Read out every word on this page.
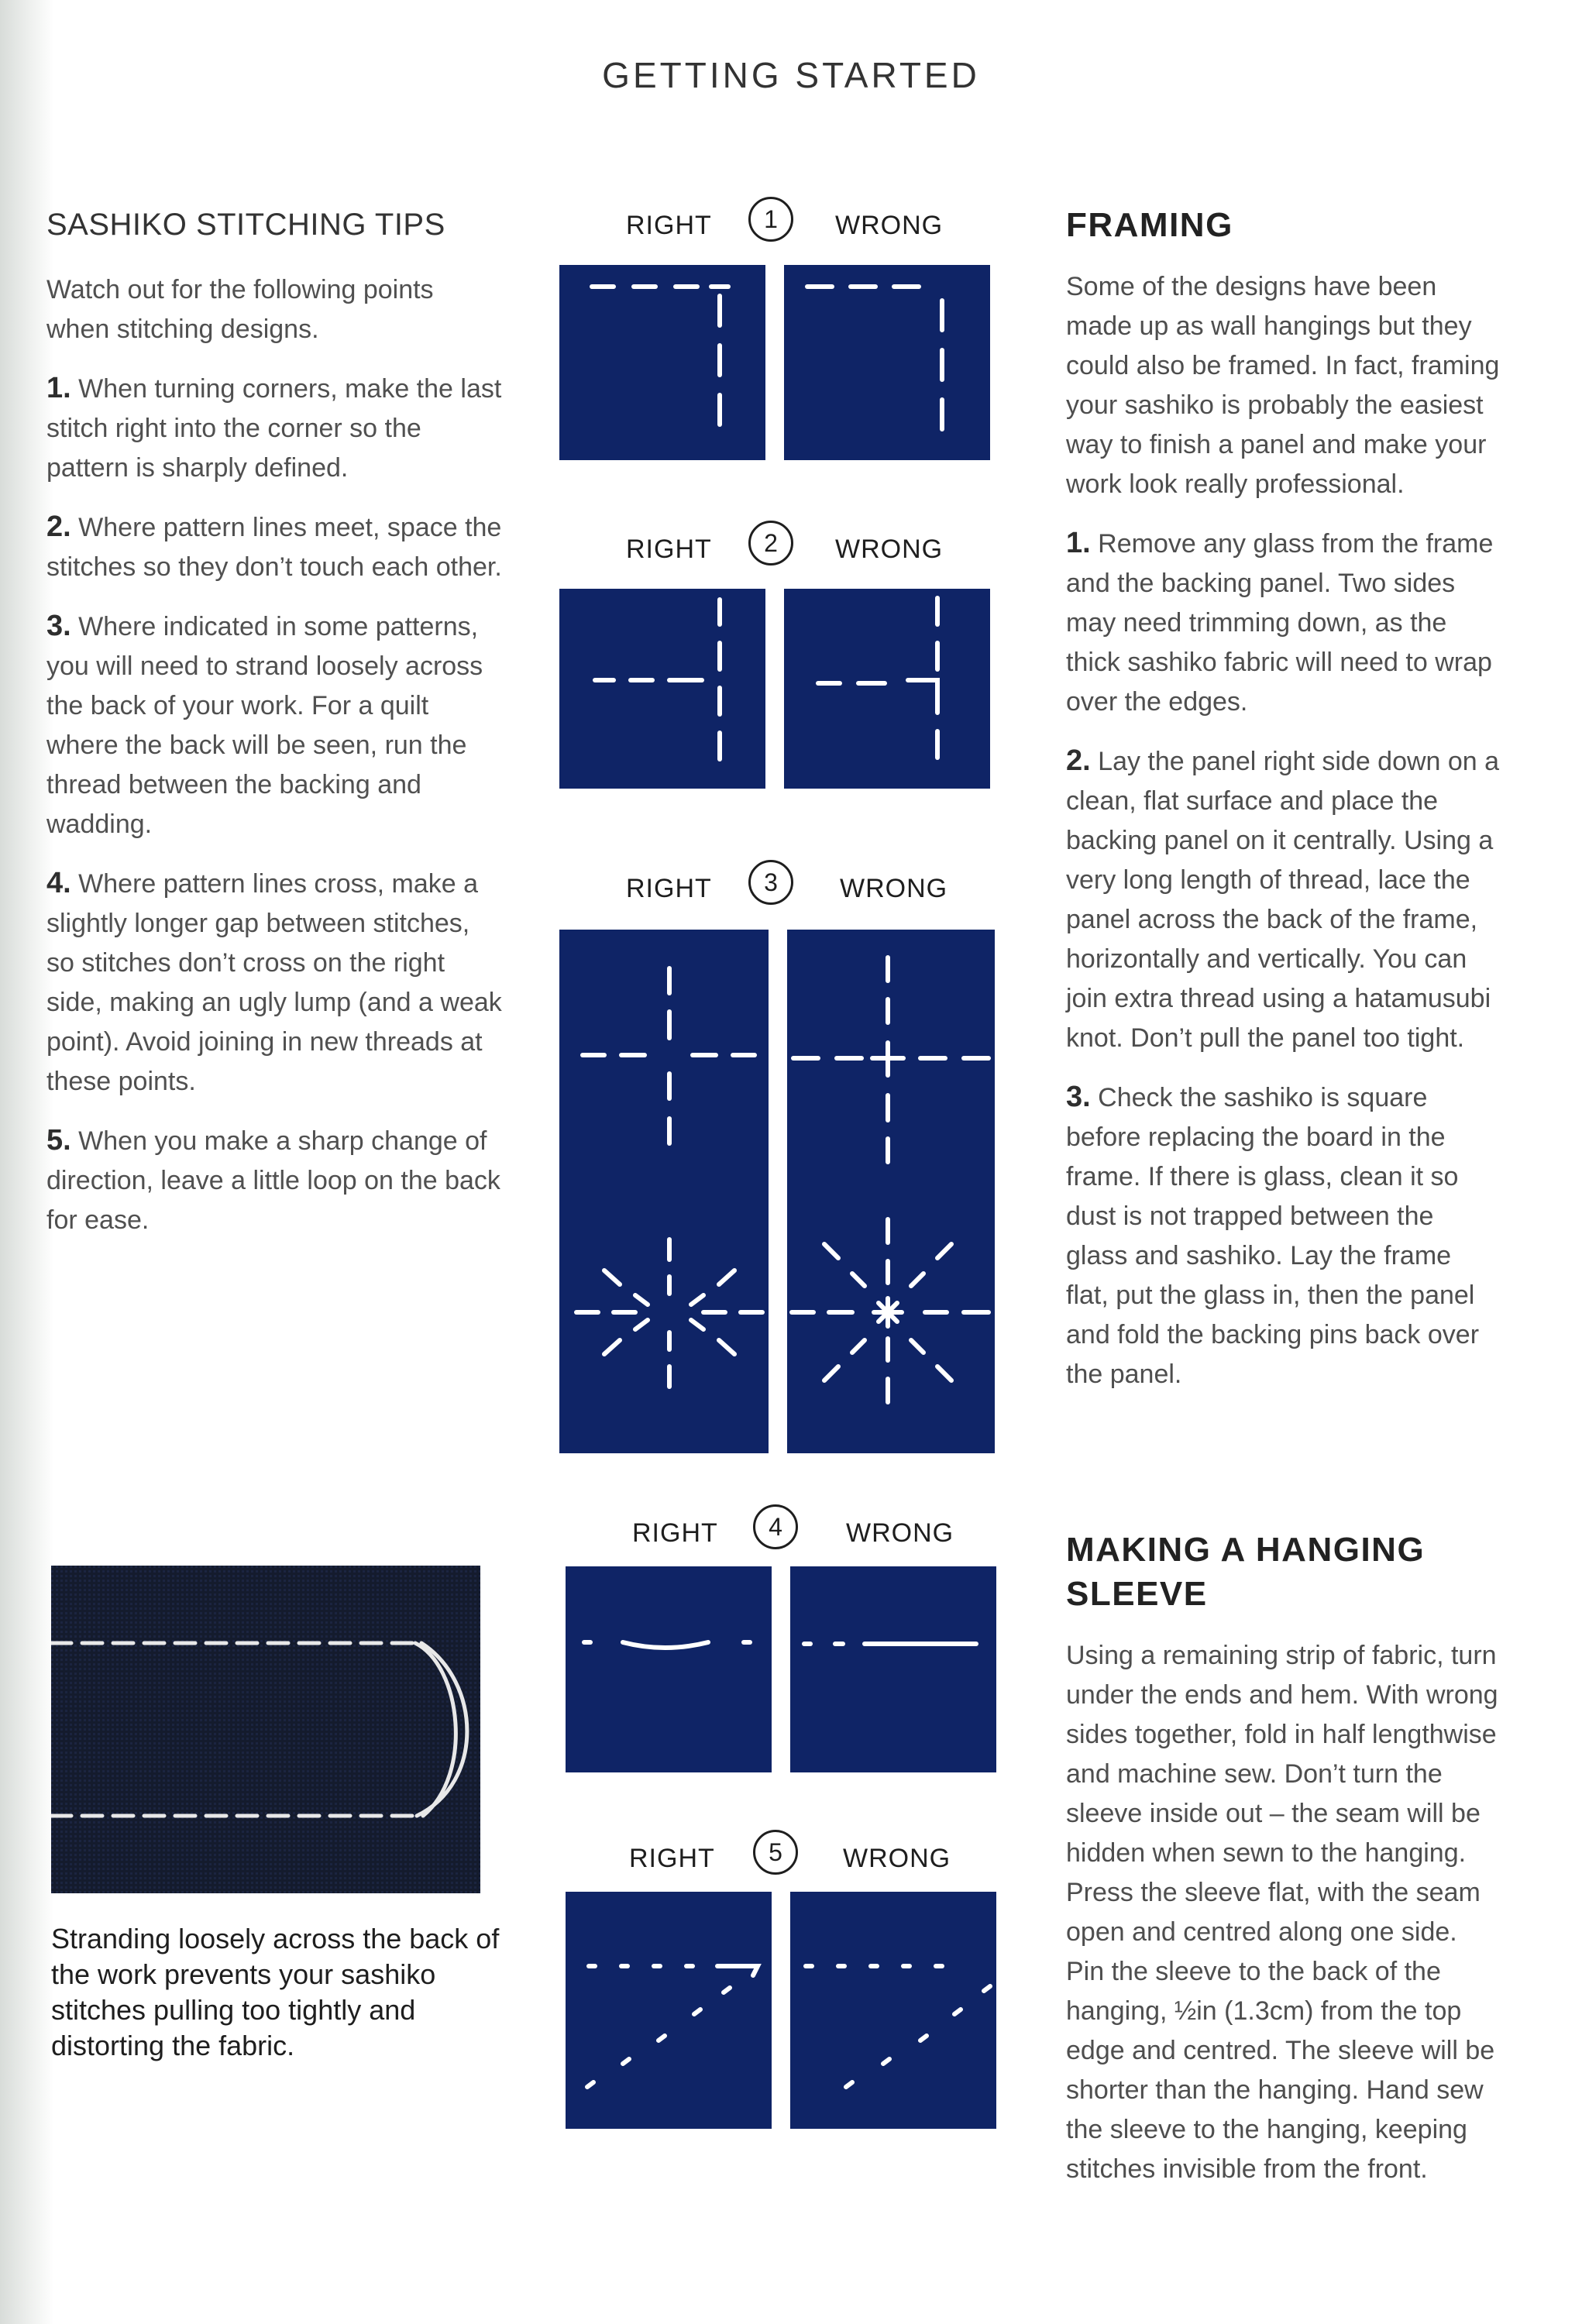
GETTING STARTED
SASHIKO STITCHING TIPS

Watch out for the following points when stitching designs.

1. When turning corners, make the last stitch right into the corner so the pattern is sharply defined.

2. Where pattern lines meet, space the stitches so they don’t touch each other.

3. Where indicated in some patterns, you will need to strand loosely across the back of your work. For a quilt where the back will be seen, run the thread between the backing and wadding.

4. Where pattern lines cross, make a slightly longer gap between stitches, so stitches don’t cross on the right side, making an ugly lump (and a weak point). Avoid joining in new threads at these points.

5. When you make a sharp change of direction, leave a little loop on the back for ease.

Stranding loosely across the back of the work prevents your sashiko stitches pulling too tightly and distorting the fabric.
RIGHT	1	WRONG
RIGHT	2	WRONG
RIGHT	3	WRONG
RIGHT	4	WRONG
RIGHT	5	WRONG
FRAMING

Some of the designs have been made up as wall hangings but they could also be framed. In fact, framing your sashiko is probably the easiest way to finish a panel and make your work look really professional.

1. Remove any glass from the frame and the backing panel. Two sides may need trimming down, as the thick sashiko fabric will need to wrap over the edges.

2. Lay the panel right side down on a clean, flat surface and place the backing panel on it centrally. Using a very long length of thread, lace the panel across the back of the frame, horizontally and vertically. You can join extra thread using a hatamusubi knot. Don’t pull the panel too tight.

3. Check the sashiko is square before replacing the board in the frame. If there is glass, clean it so dust is not trapped between the glass and sashiko. Lay the frame flat, put the glass in, then the panel and fold the backing pins back over the panel.

MAKING A HANGING SLEEVE

Using a remaining strip of fabric, turn under the ends and hem. With wrong sides together, fold in half lengthwise and machine sew. Don’t turn the sleeve inside out – the seam will be hidden when sewn to the hanging. Press the sleeve flat, with the seam open and centred along one side. Pin the sleeve to the back of the hanging, ½in (1.3cm) from the top edge and centred. The sleeve will be shorter than the hanging. Hand sew the sleeve to the hanging, keeping stitches invisible from the front.
